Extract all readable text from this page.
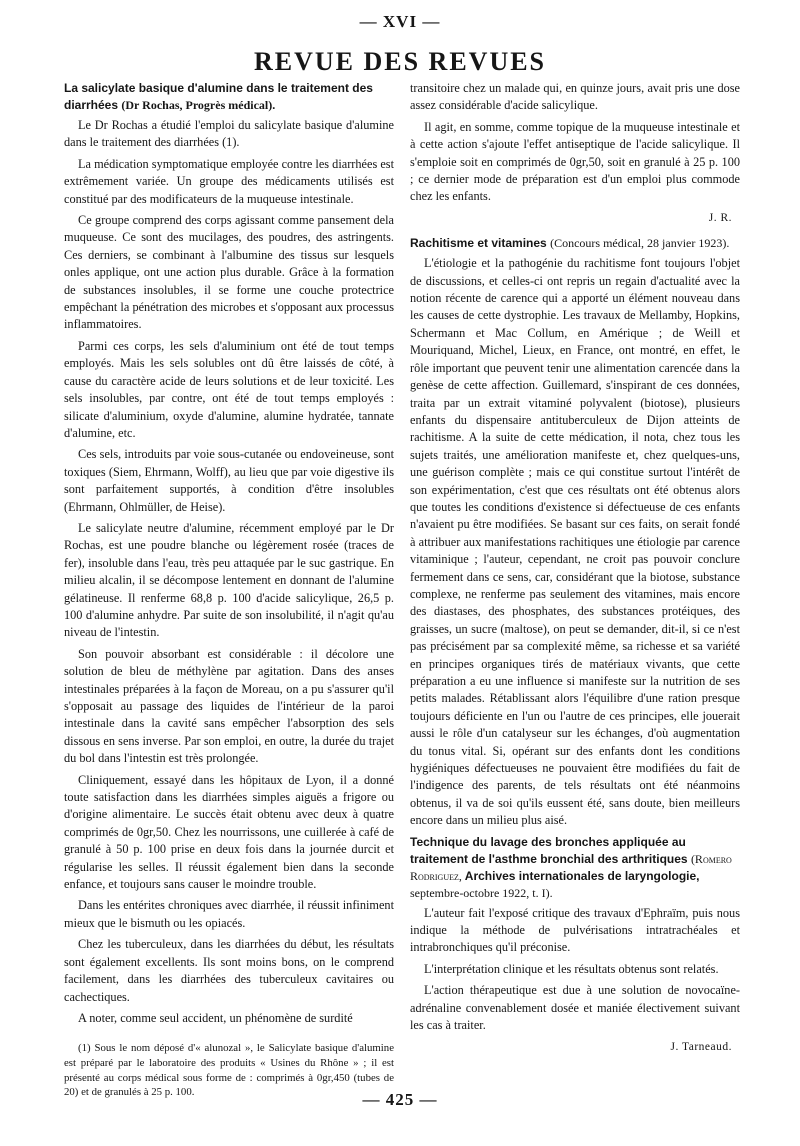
— XVI —
REVUE DES REVUES
La salicylate basique d'alumine dans le traitement des diarrhées (Dr Rochas, Progrès médical).

Le Dr Rochas a étudié l'emploi du salicylate basique d'alumine dans le traitement des diarrhées (1).

La médication symptomatique employée contre les diarrhées est extrêmement variée. Un groupe des médicaments utilisés est constitué par des modificateurs de la muqueuse intestinale.

Ce groupe comprend des corps agissant comme pansement dela muqueuse. Ce sont des mucilages, des poudres, des astringents. Ces derniers, se combinant à l'albumine des tissus sur lesquels onles applique, ont une action plus durable. Grâce à la formation de substances insolubles, il se forme une couche protectrice empêchant la pénétration des microbes et s'opposant aux processus inflammatoires.

Parmi ces corps, les sels d'aluminium ont été de tout temps employés. Mais les sels solubles ont dû être laissés de côté, à cause du caractère acide de leurs solutions et de leur toxicité. Les sels insolubles, par contre, ont été de tout temps employés : silicate d'aluminium, oxyde d'alumine, alumine hydratée, tannate d'alumine, etc.

Ces sels, introduits par voie sous-cutanée ou endoveineuse, sont toxiques (Siem, Ehrmann, Wolff), au lieu que par voie digestive ils sont parfaitement supportés, à condition d'être insolubles (Ehrmann, Ohlmüller, de Heise).

Le salicylate neutre d'alumine, récemment employé par le Dr Rochas, est une poudre blanche ou légèrement rosée (traces de fer), insoluble dans l'eau, très peu attaquée par le suc gastrique. En milieu alcalin, il se décompose lentement en donnant de l'alumine gélatineuse. Il renferme 68,8 p. 100 d'acide salicylique, 26,5 p. 100 d'alumine anhydre. Par suite de son insolubilité, il n'agit qu'au niveau de l'intestin.

Son pouvoir absorbant est considérable : il décolore une solution de bleu de méthylène par agitation. Dans des anses intestinales préparées à la façon de Moreau, on a pu s'assurer qu'il s'opposait au passage des liquides de l'intérieur de la paroi intestinale dans la cavité sans empêcher l'absorption des sels dissous en sens inverse. Par son emploi, en outre, la durée du trajet du bol dans l'intestin est très prolongée.

Cliniquement, essayé dans les hôpitaux de Lyon, il a donné toute satisfaction dans les diarrhées simples aiguës a frigore ou d'origine alimentaire. Le succès était obtenu avec deux à quatre comprimés de 0gr,50. Chez les nourrissons, une cuillerée à café de granulé à 50 p. 100 prise en deux fois dans la journée durcit et régularise les selles. Il réussit également bien dans la seconde enfance, et toujours sans causer le moindre trouble.

Dans les entérites chroniques avec diarrhée, il réussit infiniment mieux que le bismuth ou les opiacés.

Chez les tuberculeux, dans les diarrhées du début, les résultats sont également excellents. Ils sont moins bons, on le comprend facilement, dans les diarrhées des tuberculeux cavitaires ou cachectiques.

A noter, comme seul accident, un phénomène de surdité

(1) Sous le nom déposé d'« alunozal », le Salicylate basique d'alumine est préparé par le laboratoire des produits « Usines du Rhône » ; il est présenté au corps médical sous forme de : comprimés à 0gr,450 (tubes de 20) et de granulés à 25 p. 100.

transitoire chez un malade qui, en quinze jours, avait pris une dose assez considérable d'acide salicylique.

Il agit, en somme, comme topique de la muqueuse intestinale et à cette action s'ajoute l'effet antiseptique de l'acide salicylique. Il s'emploie soit en comprimés de 0gr,50, soit en granulé à 25 p. 100 ; ce dernier mode de préparation est d'un emploi plus commode chez les enfants.

J. R.
Rachitisme et vitamines (Concours médical, 28 janvier 1923).

L'étiologie et la pathogénie du rachitisme font toujours l'objet de discussions, et celles-ci ont repris un regain d'actualité avec la notion récente de carence qui a apporté un élément nouveau dans les causes de cette dystrophie. Les travaux de Mellamby, Hopkins, Schermann et Mac Collum, en Amérique ; de Weill et Mouriquand, Michel, Lieux, en France, ont montré, en effet, le rôle important que peuvent tenir une alimentation carencée dans la genèse de cette affection. Guillemard, s'inspirant de ces données, traita par un extrait vitaminé polyvalent (biotose), plusieurs enfants du dispensaire antituberculeux de Dijon atteints de rachitisme. A la suite de cette médication, il nota, chez tous les sujets traités, une amélioration manifeste et, chez quelques-uns, une guérison complète ; mais ce qui constitue surtout l'intérêt de son expérimentation, c'est que ces résultats ont été obtenus alors que toutes les conditions d'existence si défectueuse de ces enfants n'avaient pu être modifiées. Se basant sur ces faits, on serait fondé à attribuer aux manifestations rachitiques une étiologie par carence vitaminique ; l'auteur, cependant, ne croit pas pouvoir conclure fermement dans ce sens, car, considérant que la biotose, substance complexe, ne renferme pas seulement des vitamines, mais encore des diastases, des phosphates, des substances protéiques, des graisses, un sucre (maltose), on peut se demander, dit-il, si ce n'est pas précisément par sa complexité même, sa richesse et sa variété en principes organiques tirés de matériaux vivants, que cette préparation a eu une influence si manifeste sur la nutrition de ses petits malades. Rétablissant alors l'équilibre d'une ration presque toujours déficiente en l'un ou l'autre de ces principes, elle jouerait aussi le rôle d'un catalyseur sur les échanges, d'où augmentation du tonus vital. Si, opérant sur des enfants dont les conditions hygiéniques défectueuses ne pouvaient être modifiées du fait de l'indigence des parents, de tels résultats ont été néanmoins obtenus, il va de soi qu'ils eussent été, sans doute, bien meilleurs encore dans un milieu plus aisé.

Technique du lavage des bronches appliquée au traitement de l'asthme bronchial des arthritiques (Romero Rodriguez, Archives internationales de laryngologie, septembre-octobre 1922, t. I).

L'auteur fait l'exposé critique des travaux d'Ephraïm, puis nous indique la méthode de pulvérisations intratrachéales et intrabronchiques qu'il préconise.

L'interprétation clinique et les résultats obtenus sont relatés.

L'action thérapeutique est due à une solution de novocaïne-adrénaline convenablement dosée et maniée électivement suivant les cas à traiter.

J. Tarneaud.
— 425 —
